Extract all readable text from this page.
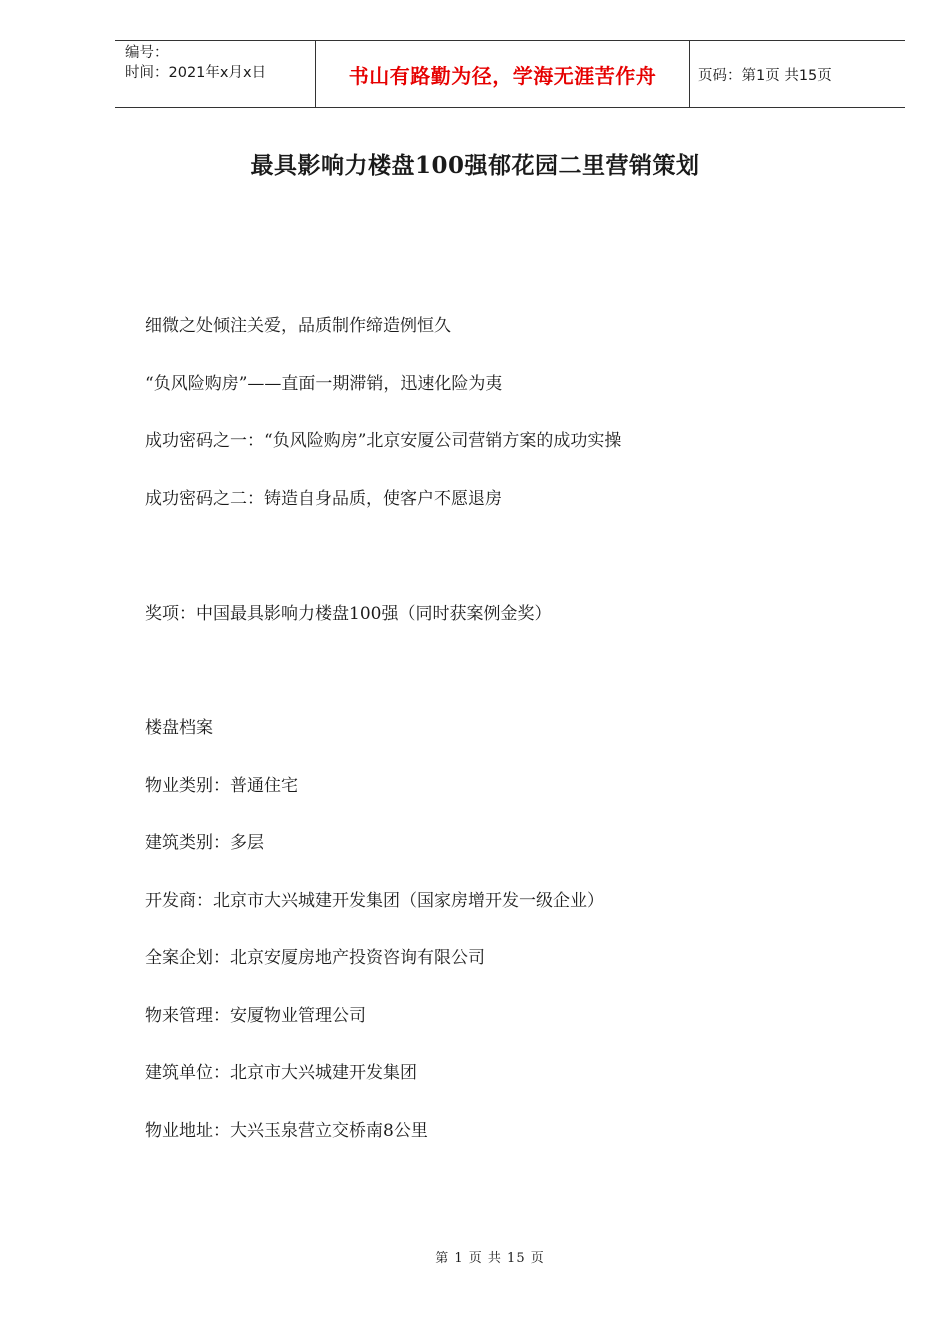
编号：
时间：2021年x月x日	书山有路勤为径，学海无涯苦作舟	页码：第1页 共15页
最具影响力楼盘100强郁花园二里营销策划
细微之处倾注关爱，品质制作缔造例恒久
“负风险购房”——直面一期滞销，迅速化险为夷
成功密码之一：“负风险购房”北京安厦公司营销方案的成功实操
成功密码之二：铸造自身品质，使客户不愿退房
奖项：中国最具影响力楼盘100强（同时获案例金奖）
楼盘档案
物业类别：普通住宅
建筑类别：多层
开发商：北京市大兴城建开发集团（国家房增开发一级企业）
全案企划：北京安厦房地产投资咨询有限公司
物来管理：安厦物业管理公司
建筑单位：北京市大兴城建开发集团
物业地址：大兴玉泉营立交桥南8公里
第 1 页 共 15 页
